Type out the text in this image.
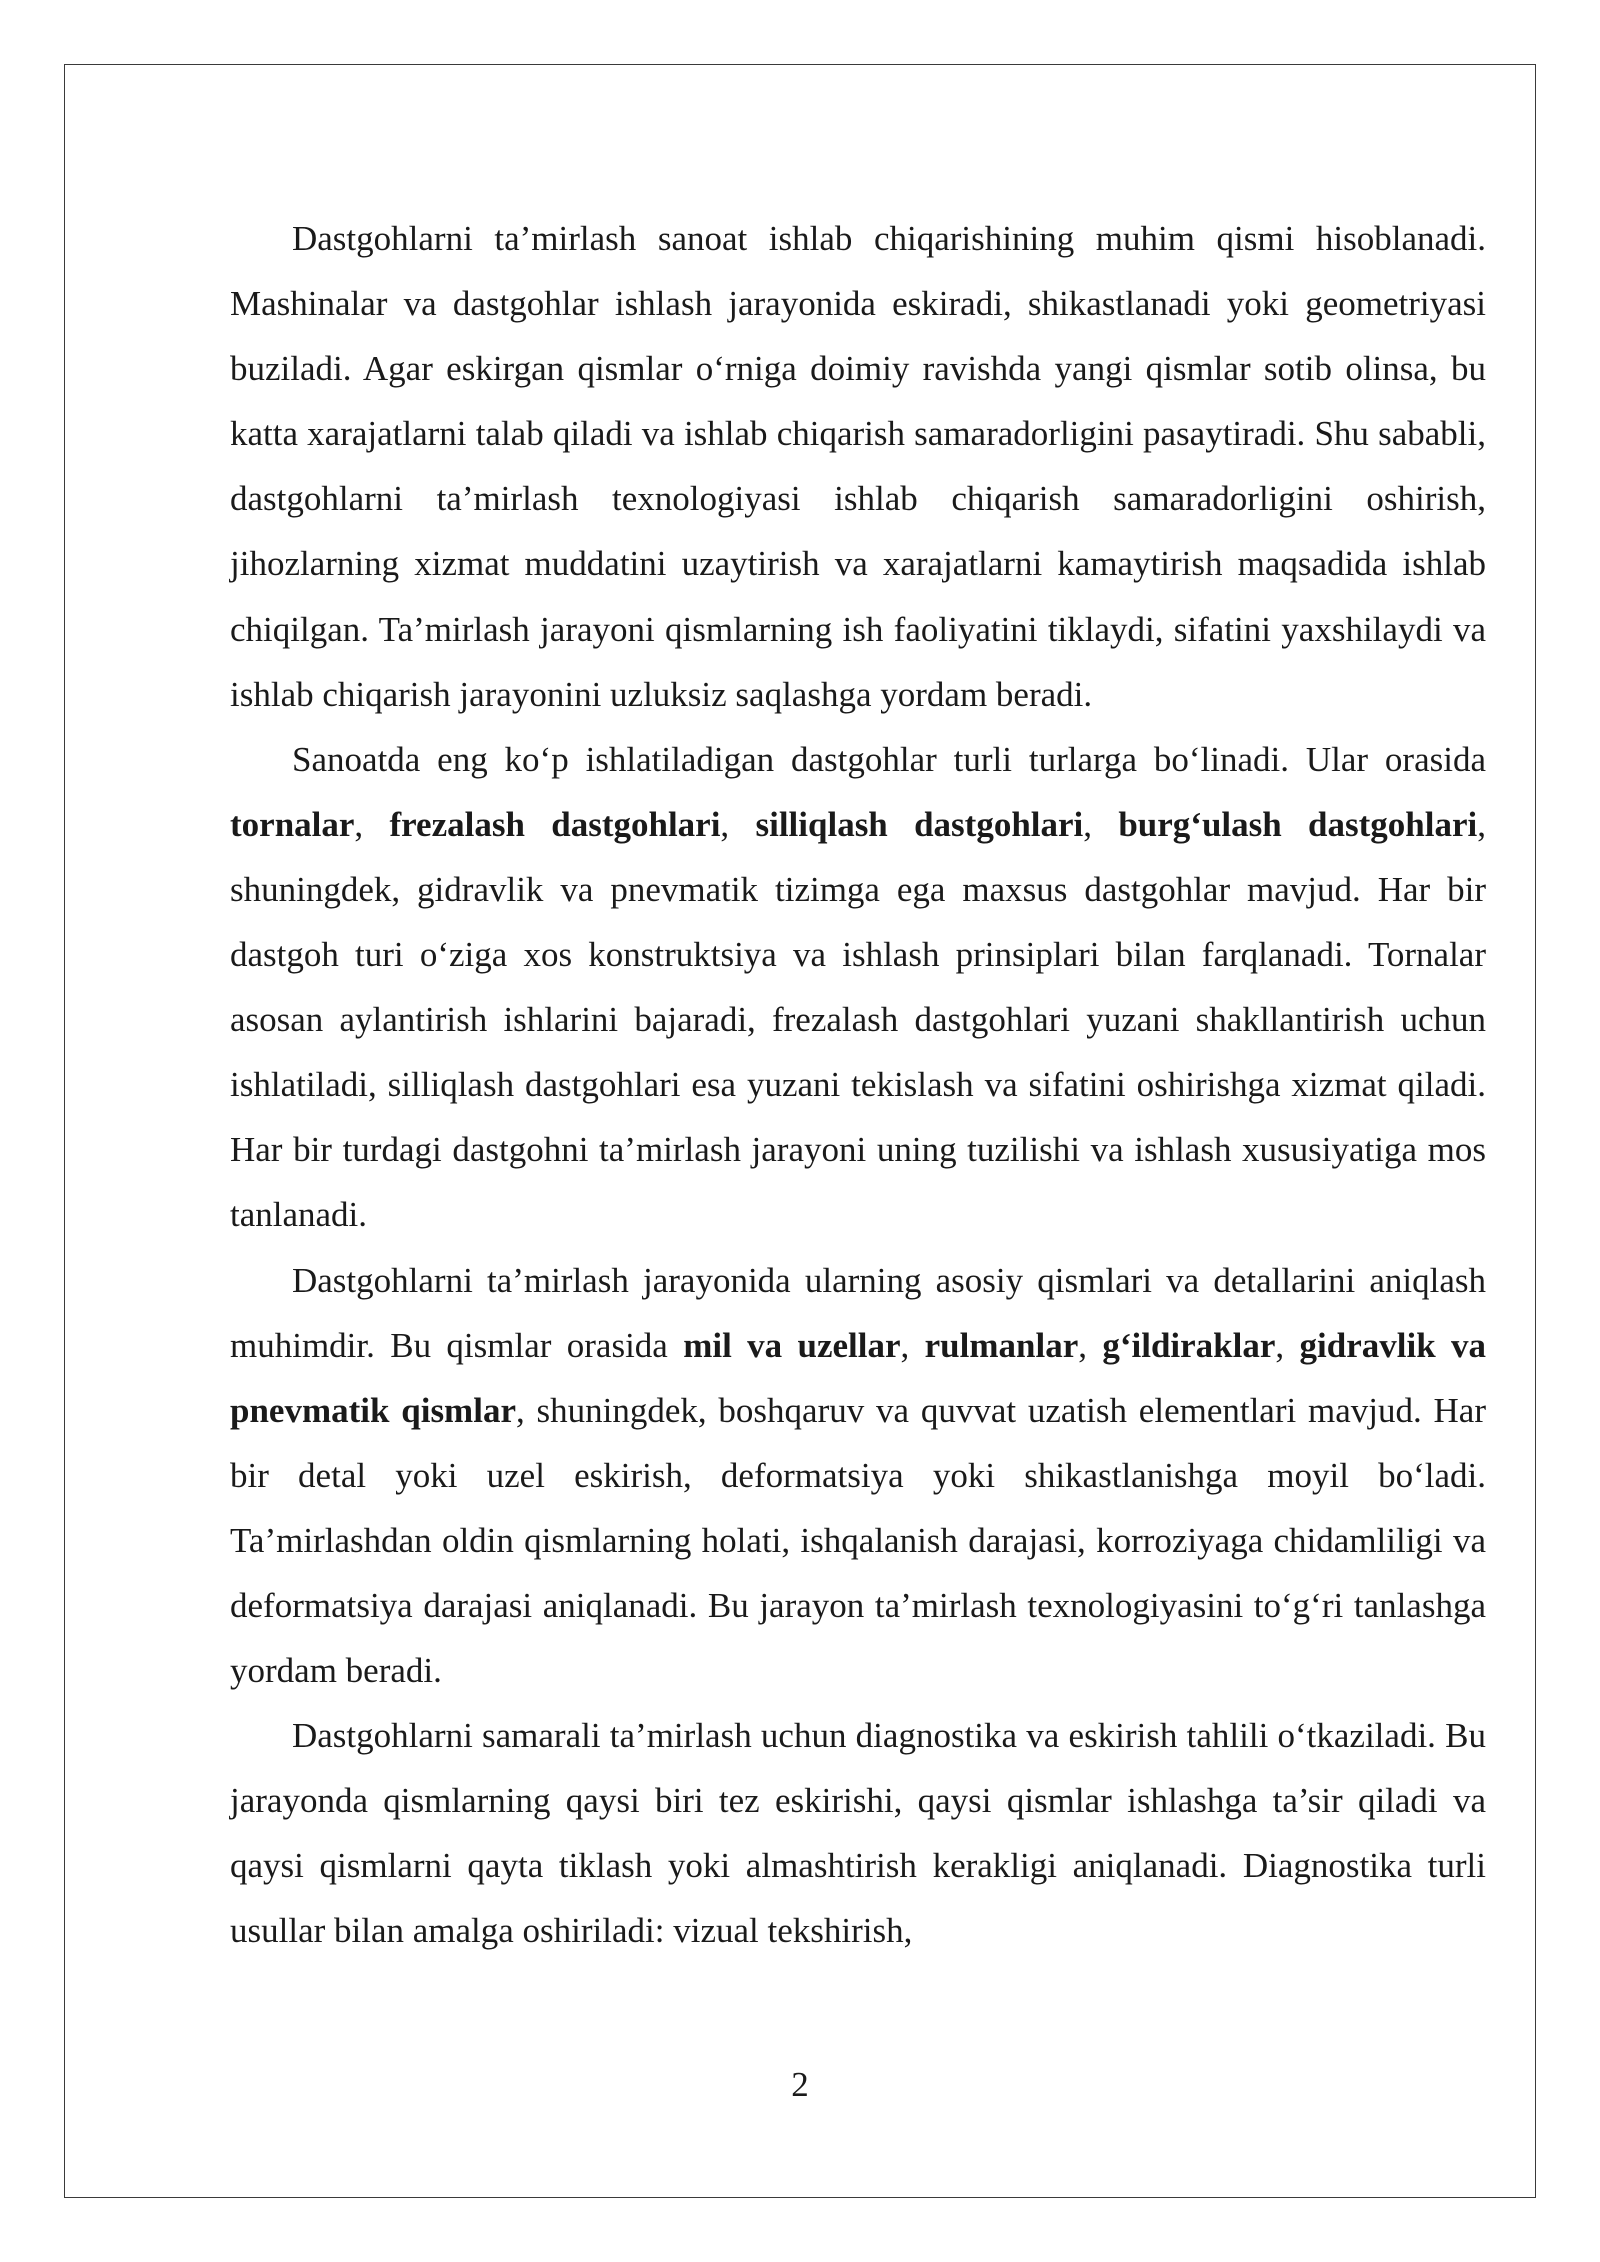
Dastgohlarni ta’mirlash sanoat ishlab chiqarishining muhim qismi hisoblanadi. Mashinalar va dastgohlar ishlash jarayonida eskiradi, shikastlanadi yoki geometriyasi buziladi. Agar eskirgan qismlar o‘rniga doimiy ravishda yangi qismlar sotib olinsa, bu katta xarajatlarni talab qiladi va ishlab chiqarish samaradorligini pasaytiradi. Shu sababli, dastgohlarni ta’mirlash texnologiyasi ishlab chiqarish samaradorligini oshirish, jihozlarning xizmat muddatini uzaytirish va xarajatlarni kamaytirish maqsadida ishlab chiqilgan. Ta’mirlash jarayoni qismlarning ish faoliyatini tiklaydi, sifatini yaxshilaydi va ishlab chiqarish jarayonini uzluksiz saqlashga yordam beradi.

Sanoatda eng ko‘p ishlatiladigan dastgohlar turli turlarga bo‘linadi. Ular orasida tornalar, frezalash dastgohlari, silliqlash dastgohlari, burg‘ulash dastgohlari, shuningdek, gidravlik va pnevmatik tizimga ega maxsus dastgohlar mavjud. Har bir dastgoh turi o‘ziga xos konstruktsiya va ishlash prinsiplari bilan farqlanadi. Tornalar asosan aylantirish ishlarini bajaradi, frezalash dastgohlari yuzani shakllantirish uchun ishlatiladi, silliqlash dastgohlari esa yuzani tekislash va sifatini oshirishga xizmat qiladi. Har bir turdagi dastgohni ta’mirlash jarayoni uning tuzilishi va ishlash xususiyatiga mos tanlanadi.

Dastgohlarni ta’mirlash jarayonida ularning asosiy qismlari va detallarini aniqlash muhimdir. Bu qismlar orasida mil va uzellar, rulmanlar, g‘ildiraklar, gidravlik va pnevmatik qismlar, shuningdek, boshqaruv va quvvat uzatish elementlari mavjud. Har bir detal yoki uzel eskirish, deformatsiya yoki shikastlanishga moyil bo‘ladi. Ta’mirlashdan oldin qismlarning holati, ishqalanish darajasi, korroziyaga chidamliligi va deformatsiya darajasi aniqlanadi. Bu jarayon ta’mirlash texnologiyasini to‘g‘ri tanlashga yordam beradi.

Dastgohlarni samarali ta’mirlash uchun diagnostika va eskirish tahlili o‘tkaziladi. Bu jarayonda qismlarning qaysi biri tez eskirishi, qaysi qismlar ishlashga ta’sir qiladi va qaysi qismlarni qayta tiklash yoki almashtirish kerakligi aniqlanadi. Diagnostika turli usullar bilan amalga oshiriladi: vizual tekshirish,

2
